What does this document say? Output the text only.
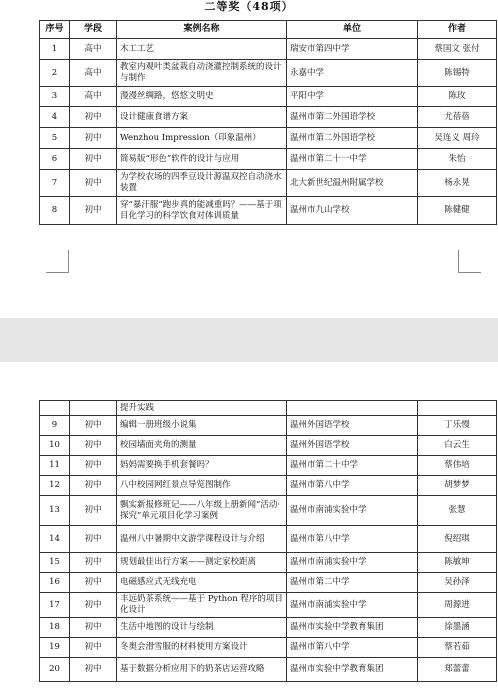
二等奖（48项）
序号	学段	案例名称	单位	作者
1	高中	木工工艺	瑞安市第四中学	蔡国文 张付
2	高中	教室内观叶类盆栽自动浇灌控制系统的设计与制作	永嘉中学	陈锡特
3	高中	漫漫丝绸路，悠悠文明史	平阳中学	陈玫
4	初中	设计健康食谱方案	温州市第二外国语学校	尤蓓蓓
5	初中	Wenzhou Impression（印象温州）	温州市第二外国语学校	吴连义 周玲
6	初中	简易版“形色”软件的设计与应用	温州市第二十一中学	朱怡
7	初中	为学校农场的四季豆设计源温双控自动浇水装置	北大新世纪温州附属学校	杨永晃
8	初中	穿“暴汗服”跑步真的能减重吗？——基于项目化学习的科学饮食对体训质量	温州市九山学校	陈健健
		提升实践		
9	初中	编辑一册班级小说集	温州外国语学校	丁乐慢
10	初中	校园墙面夹角的测量	温州外国语学校	白云生
11	初中	妈妈需要换手机套餐吗？	温州市第二十中学	蔡伟培
12	初中	八中校园网红景点导览图制作	温州市第八中学	胡梦梦
13	初中	飘实新报修班记——八年级上册新闻“活动·探究”单元项目化学习案例	温州市南浦实验中学	张慧
14	初中	温州八中暑期中文游学课程设计与介绍	温州市第八中学	倪绍琪
15	初中	规划最佳出行方案——测定家校距离	温州市南浦实验中学	陈敏坤
16	初中	电磁感应式无线充电	温州市第二中学	吴孙泽
17	初中	丰远奶茶系统——基于 Python 程序的项目化设计	温州市南浦实验中学	周源进
18	初中	生活中地图的设计与绘制	温州市实验中学教育集团	徐墨涵
19	初中	冬奥会滑雪服的材料使用方案设计	温州市第八中学	蔡若茹
20	初中	基于数据分析应用下的奶茶店运营攻略	温州市实验中学教育集团	郑蕾蕾
